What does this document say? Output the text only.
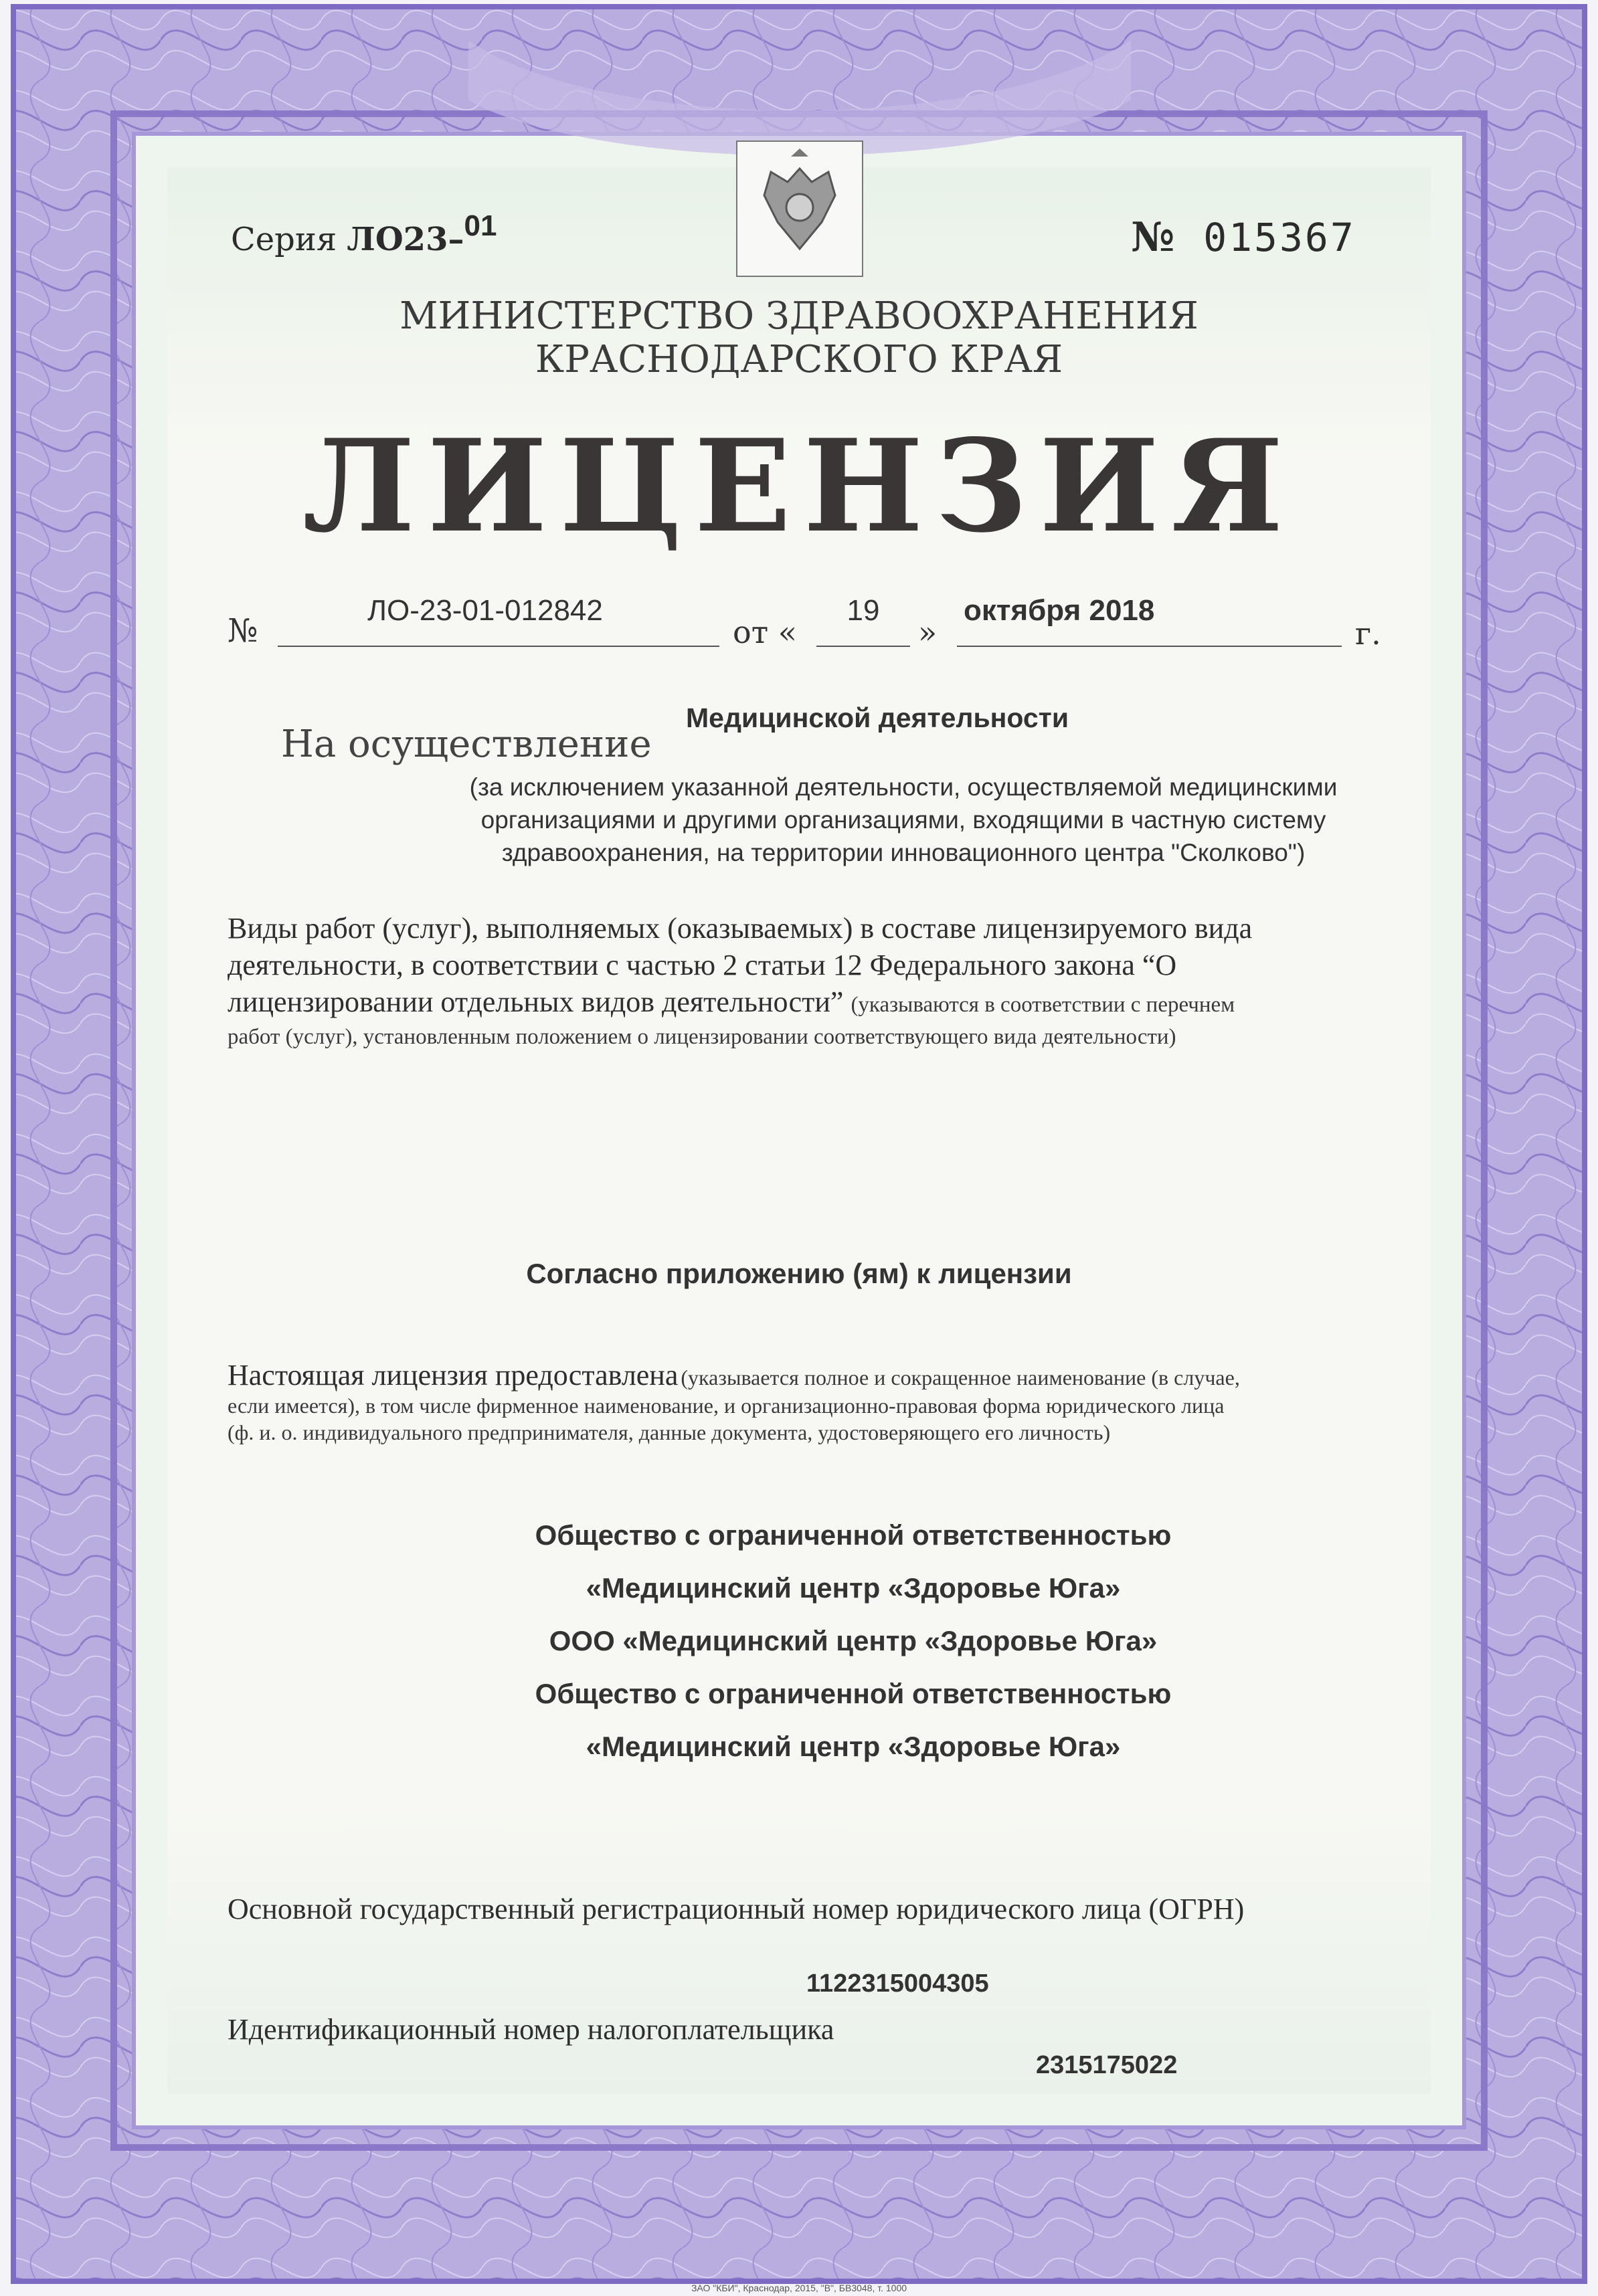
Серия ЛО23–01	№ 015367
МИНИСТЕРСТВО ЗДРАВООХРАНЕНИЯ
КРАСНОДАРСКОГО КРАЯ
ЛИЦЕНЗИЯ
№
ЛО-23-01-012842
от «
19
»
октября 2018
г.
Медицинской деятельности
На осуществление
(за исключением указанной деятельности, осуществляемой медицинскими
организациями и другими организациями, входящими в частную систему
здравоохранения, на территории инновационного центра "Сколково")
Виды работ (услуг), выполняемых (оказываемых) в составе лицензируемого вида
деятельности, в соответствии с частью 2 статьи 12 Федерального закона “О
лицензировании отдельных видов деятельности” (указываются в соответствии с перечнем
работ (услуг), установленным положением о лицензировании соответствующего вида деятельности)
Согласно приложению (ям) к лицензии
Настоящая лицензия предоставлена (указывается полное и сокращенное наименование (в случае,
если имеется), в том числе фирменное наименование, и организационно-правовая форма юридического лица
(ф. и. о. индивидуального предпринимателя, данные документа, удостоверяющего его личность)
Общество с ограниченной ответственностью
«Медицинский центр «Здоровье Юга»
ООО «Медицинский центр «Здоровье Юга»
Общество с ограниченной ответственностью
«Медицинский центр «Здоровье Юга»
Основной государственный регистрационный номер юридического лица (ОГРН)
1122315004305
Идентификационный номер налогоплательщика
2315175022
ЗАО "КБИ", Краснодар, 2015, "В", БВ3048, т. 1000
